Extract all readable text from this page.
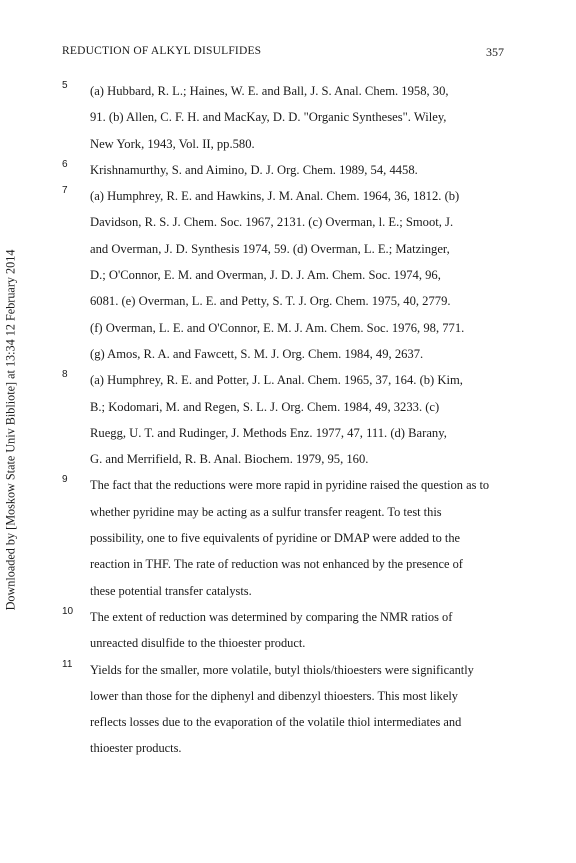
REDUCTION OF ALKYL DISULFIDES	357
Downloaded by [Moskow State Univ Bibliote] at 13:34 12 February 2014
5 (a) Hubbard, R. L.; Haines, W. E. and Ball, J. S. Anal. Chem. 1958, 30,
91. (b) Allen, C. F. H. and MacKay, D. D. "Organic Syntheses". Wiley,
New York, 1943, Vol. II, pp.580.
6 Krishnamurthy, S. and Aimino, D. J. Org. Chem. 1989, 54, 4458.
7 (a) Humphrey, R. E. and Hawkins, J. M. Anal. Chem. 1964, 36, 1812. (b)
Davidson, R. S. J. Chem. Soc. 1967, 2131. (c) Overman, l. E.; Smoot, J.
and Overman, J. D. Synthesis 1974, 59. (d) Overman, L. E.; Matzinger,
D.; O'Connor, E. M. and Overman, J. D. J. Am. Chem. Soc. 1974, 96,
6081. (e) Overman, L. E. and Petty, S. T. J. Org. Chem. 1975, 40, 2779.
(f) Overman, L. E. and O'Connor, E. M. J. Am. Chem. Soc. 1976, 98, 771.
(g) Amos, R. A. and Fawcett, S. M. J. Org. Chem. 1984, 49, 2637.
8 (a) Humphrey, R. E. and Potter, J. L. Anal. Chem. 1965, 37, 164. (b) Kim,
B.; Kodomari, M. and Regen, S. L. J. Org. Chem. 1984, 49, 3233. (c)
Ruegg, U. T. and Rudinger, J. Methods Enz. 1977, 47, 111. (d) Barany,
G. and Merrifield, R. B. Anal. Biochem. 1979, 95, 160.
9 The fact that the reductions were more rapid in pyridine raised the question as to
whether pyridine may be acting as a sulfur transfer reagent. To test this
possibility, one to five equivalents of pyridine or DMAP were added to the
reaction in THF. The rate of reduction was not enhanced by the presence of
these potential transfer catalysts.
10 The extent of reduction was determined by comparing the NMR ratios of
unreacted disulfide to the thioester product.
11 Yields for the smaller, more volatile, butyl thiols/thioesters were significantly
lower than those for the diphenyl and dibenzyl thioesters. This most likely
reflects losses due to the evaporation of the volatile thiol intermediates and
thioester products.
